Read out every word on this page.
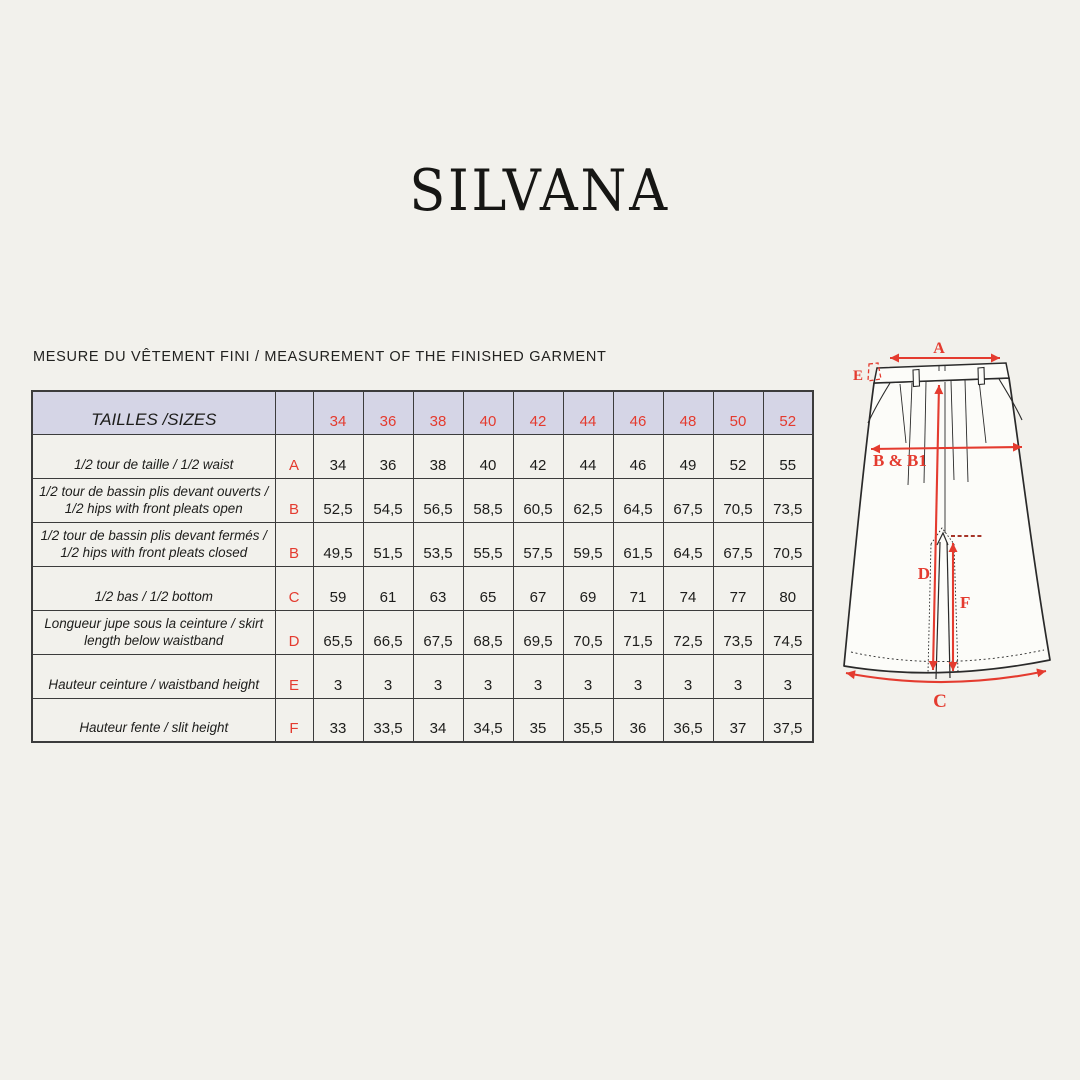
SILVANA
MESURE DU VÊTEMENT FINI / MEASUREMENT OF THE FINISHED GARMENT
TAILLES /SIZES		34	36	38	40	42	44	46	48	50	52
1/2 tour de taille / 1/2 waist	A	34	36	38	40	42	44	46	49	52	55
1/2 tour de bassin plis devant ouverts / 1/2 hips with front pleats open	B	52,5	54,5	56,5	58,5	60,5	62,5	64,5	67,5	70,5	73,5
1/2 tour de bassin plis devant fermés / 1/2 hips with front pleats closed	B	49,5	51,5	53,5	55,5	57,5	59,5	61,5	64,5	67,5	70,5
1/2 bas / 1/2 bottom	C	59	61	63	65	67	69	71	74	77	80
Longueur jupe sous la ceinture / skirt length below waistband	D	65,5	66,5	67,5	68,5	69,5	70,5	71,5	72,5	73,5	74,5
Hauteur ceinture / waistband height	E	3	3	3	3	3	3	3	3	3	3
Hauteur fente / slit height	F	33	33,5	34	34,5	35	35,5	36	36,5	37	37,5
A
E
B & B1
D
F
C
